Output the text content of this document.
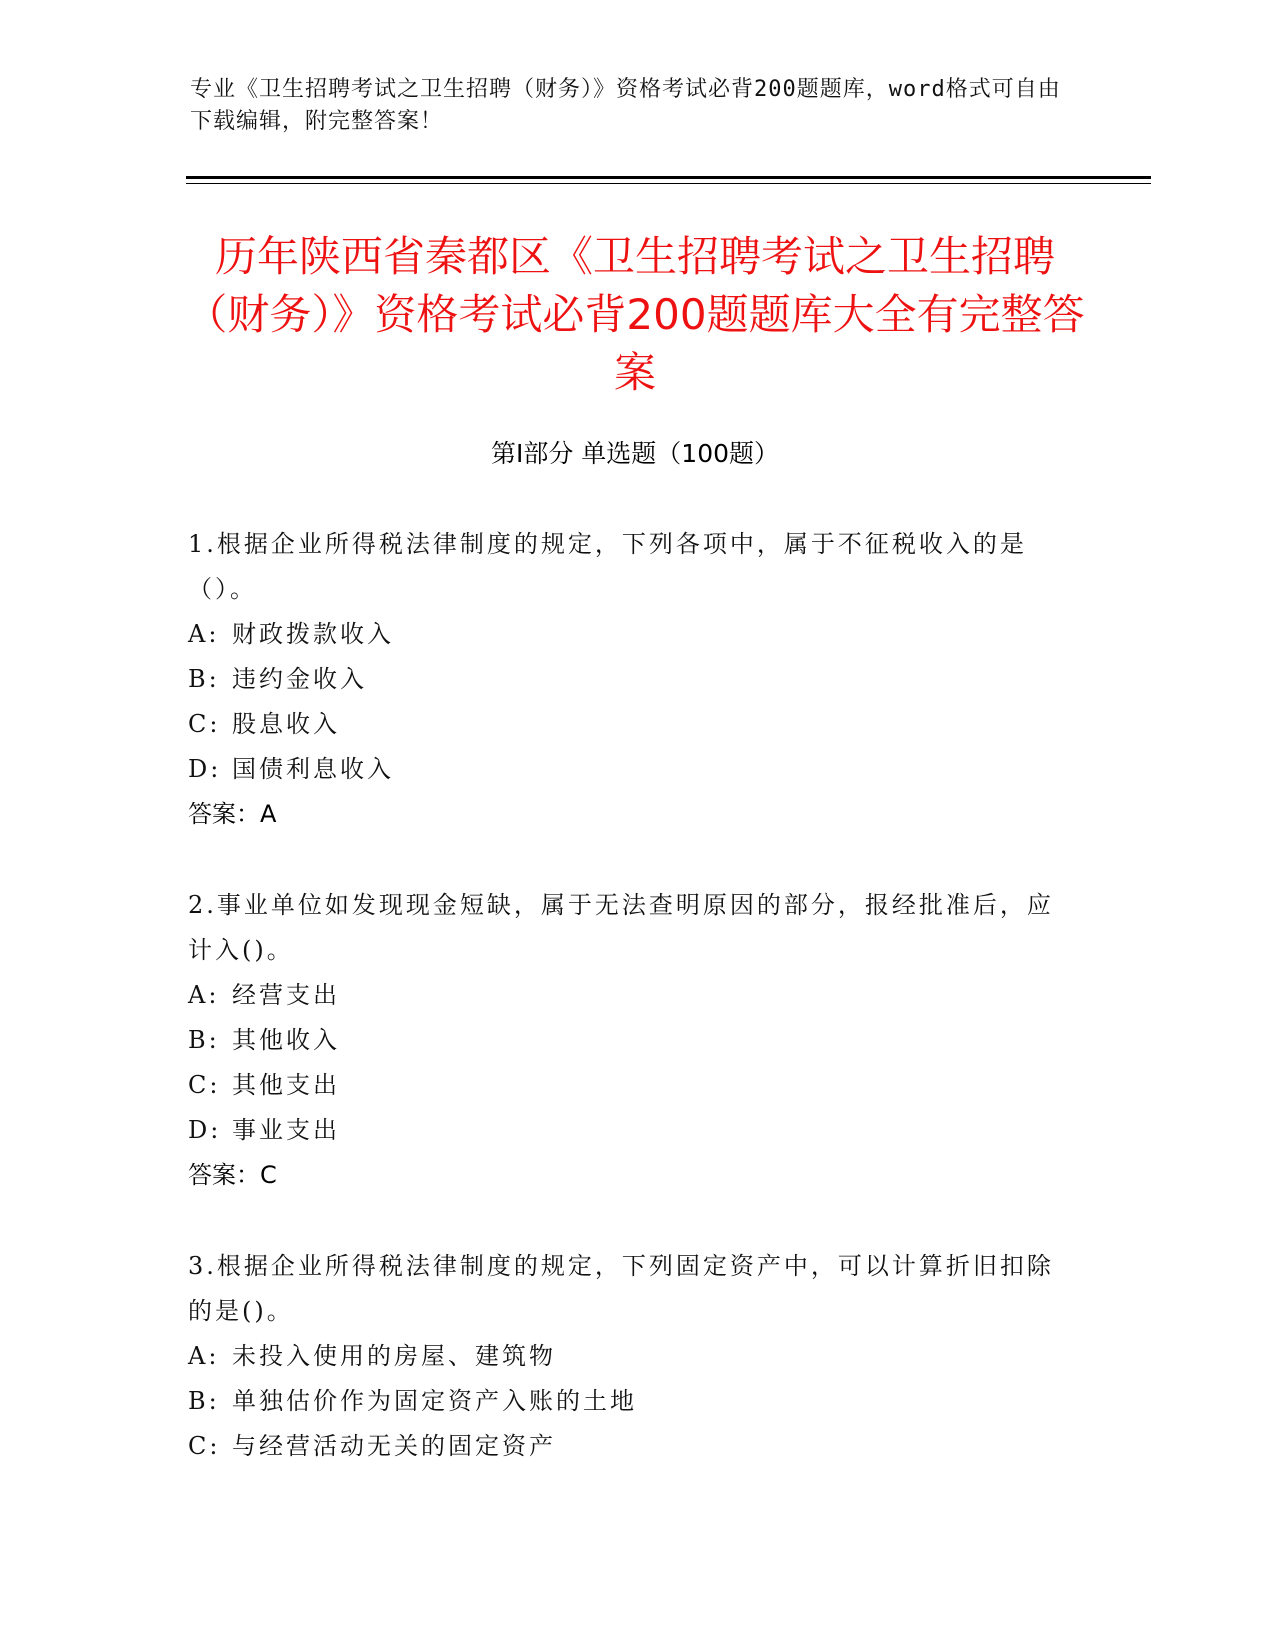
专业《卫生招聘考试之卫生招聘（财务）》资格考试必背200题题库，word格式可自由下载编辑，附完整答案！
历年陕西省秦都区《卫生招聘考试之卫生招聘（财务）》资格考试必背200题题库大全有完整答案
第Ⅰ部分 单选题（100题）
1.根据企业所得税法律制度的规定，下列各项中，属于不征税收入的是（）。
A: 财政拨款收入
B: 违约金收入
C: 股息收入
D: 国债利息收入
答案：A
2.事业单位如发现现金短缺，属于无法查明原因的部分，报经批准后，应计入()。
A: 经营支出
B: 其他收入
C: 其他支出
D: 事业支出
答案：C
3.根据企业所得税法律制度的规定，下列固定资产中，可以计算折旧扣除的是()。
A: 未投入使用的房屋、建筑物
B: 单独估价作为固定资产入账的土地
C: 与经营活动无关的固定资产
